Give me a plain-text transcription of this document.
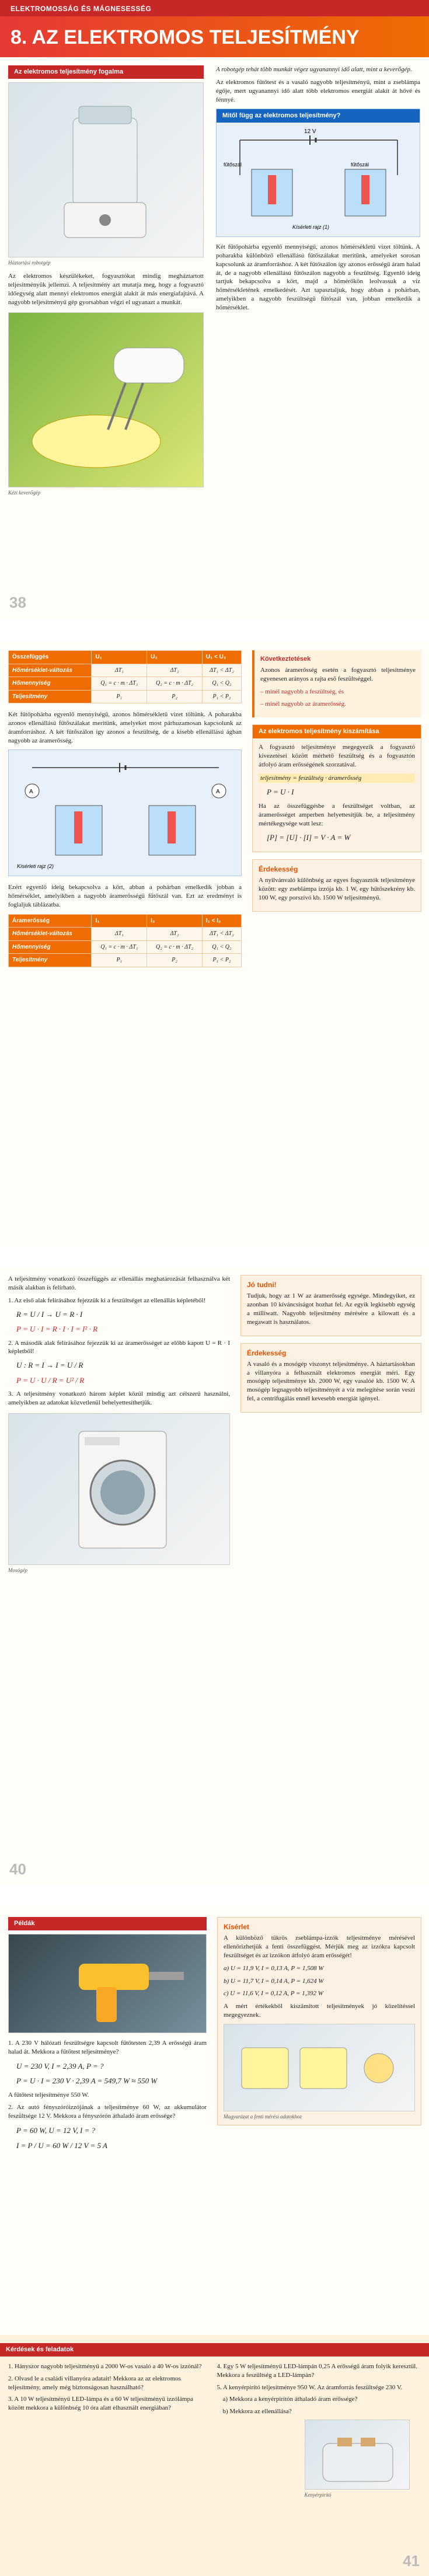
ELEKTROMOSSÁG ÉS MÁGNESESSÉG
8. AZ ELEKTROMOS TELJESÍTMÉNY
Az elektromos teljesítmény fogalma
Háztartási robotgép

Az elektromos készülékeket, fogyasztókat mindig megháztartott teljesítményük jellemzi. A teljesítmény azt mutatja meg, hogy a fogyasztó időegység alatt mennyi elektromos energiát alakít át más energiafajtává. A nagyobb teljesítményű gép gyorsabban végzi el ugyanazt a munkát.

Kézi keverőgép

A robotgép tehát több munkát végez ugyanannyi idő alatt, mint a keverőgép.

Az elektromos fűtőtest és a vasaló nagyobb teljesítményű, mint a zseblámpa égője, mert ugyanannyi idő alatt több elektromos energiát alakít át hővé és fénnyé.

Mitől függ az elektromos teljesítmény?
12 V
fűtőszál	fűtőszál
Kísérleti rajz (1)

Két fűtőpohárba egyenlő mennyiségű, azonos hőmérsékletű vizet töltünk. A poharakba különböző ellenállású fűtőszálakat merítünk, amelyeket sorosan kapcsolunk az áramforráshoz. A két fűtőszálon így azonos erősségű áram halad át, de a nagyobb ellenállású fűtőszálon nagyobb a feszültség. Egyenlő ideig tartjuk bekapcsolva a kört, majd a hőmérőkön leolvassuk a víz hőmérsékletének emelkedését. Azt tapasztaljuk, hogy abban a pohárban, amelyikben a nagyobb feszültségű fűtőszál van, jobban emelkedik a hőmérséklet.

38
Összefüggés	U₁	U₂	U₁ < U₂
Hőmérséklet-változás	ΔT₁	ΔT₂	ΔT₁ < ΔT₂
Hőmennyiség	Q₁ = c · m · ΔT₁	Q₂ = c · m · ΔT₂	Q₁ < Q₂
Teljesítmény	P₁	P₂	P₁ < P₂

Két fűtőpohárba egyenlő mennyiségű, azonos hőmérsékletű vizet töltünk. A poharakba azonos ellenállású fűtőszálakat merítünk, amelyeket most párhuzamosan kapcsolunk az áramforráshoz. A két fűtőszálon így azonos a feszültség, de a kisebb ellenállású ágban nagyobb az áramerősség.

A	A
Kísérleti rajz (2)

Ezért egyenlő ideig bekapcsolva a kört, abban a pohárban emelkedik jobban a hőmérséklet, amelyikben a nagyobb áramerősségű fűtőszál van. Ezt az eredményt is foglaljuk táblázatba.

Áramerősség	I₁	I₂	I₁ < I₂
Hőmérséklet-változás	ΔT₁	ΔT₂	ΔT₁ < ΔT₂
Hőmennyiség	Q₁ = c · m · ΔT₁	Q₂ = c · m · ΔT₂	Q₁ < Q₂
Teljesítmény	P₁	P₂	P₁ < P₂
Következtetések

Azonos áramerősség esetén a fogyasztó teljesítménye egyenesen arányos a rajta eső feszültséggel.

– minél nagyobb a feszültség, és

– minél nagyobb az áramerősség.

Az elektromos teljesítmény kiszámítása

A fogyasztó teljesítménye megegyezik a fogyasztó kivezetései között mérhető feszültség és a fogyasztón átfolyó áram erősségének szorzatával.

teljesítmény = feszültség · áramerősség

P = U · I

Ha az összefüggésbe a feszültséget voltban, az áramerősséget amperben helyettesítjük be, a teljesítmény mértékegysége watt lesz:

[P] = [U] · [I] = V · A = W
Érdekesség

A nyilvánvaló különbség az egyes fogyasztók teljesítménye között: egy zseblámpa izzója kb. 1 W, egy hűtőszekrény kb. 100 W, egy porszívó kb. 1500 W teljesítményű.

A teljesítmény vonatkozó összefüggés az ellenállás meghatározását felhasználva két másik alakban is felírható.

1. Az első alak felírásához fejezzük ki a feszültséget az ellenállás képletéből!

R = U / I → U = R · I
P = U · I = R · I · I = I² · R

2. A második alak felírásához fejezzük ki az áramerősséget az előbb kapott U = R · I képletből!

U : R = I → I = U / R
P = U · U / R = U² / R

3. A teljesítmény vonatkozó három képlet közül mindig azt célszerű használni, amelyikben az adatokat közvetlenül behelyettesíthetjük.

Mosógép
Jó tudni!

Tudjuk, hogy az 1 W az áramerősség egysége. Mindegyiket, ez azonban 10 kíváncsiságot hozhat fel. Az egyik legkisebb egység a milliwatt. Nagyobb teljesítmény mérésére a kilowatt és a megawatt is használatos.

Érdekesség

A vasaló és a mosógép viszonyt teljesítménye. A háztartásokban a villanyóra a felhasznált elektromos energiát méri. Egy mosógép teljesítménye kb. 2000 W, egy vasalóé kb. 1500 W. A mosógép legnagyobb teljesítményét a víz melegítése során veszi fel, a centrifugálás ennél kevesebb energiát igényel.

40
Példák

1. A 230 V hálózati feszültségre kapcsolt fűtőtesten 2,39 A erősségű áram halad át. Mekkora a fűtőtest teljesítménye?

U = 230 V, I = 2,39 A, P = ?
P = U · I = 230 V · 2,39 A = 549,7 W ≈ 550 W

A fűtőtest teljesítménye 550 W.

2. Az autó fényszóróizzójának a teljesítménye 60 W, az akkumulátor feszültsége 12 V. Mekkora a fényszórón áthaladó áram erőssége?

P = 60 W, U = 12 V, I = ?
I = P / U = 60 W / 12 V = 5 A
Kísérlet

A különböző tükrös zseblámpa-izzók teljesítménye mérésével ellenőrizhetjük a fenti összefüggést. Mérjük meg az izzókra kapcsolt feszültséget és az izzókon átfolyó áram erősségét!

a) U = 11,9 V, I = 0,13 A, P = 1,508 W

b) U = 11,7 V, I = 0,14 A, P = 1,624 W

c) U = 11,6 V, I = 0,12 A, P = 1,392 W

A mért értékekből kiszámított teljesítmények jó közelítéssel megegyeznek.

Magyarázat a fenti mérési adatokhoz
Kérdések és feladatok

1. Hányszor nagyobb teljesítményű a 2000 W-os vasaló a 40 W-os izzónál?

2. Olvasd le a családi villanyóra adatait! Mekkora az az elektromos teljesítmény, amely még biztonságosan használható?

3. A 10 W teljesítményű LED-lámpa és a 60 W teljesítményű izzólámpa között mekkora a különbség 10 óra alatt elhasznált energiában?

4. Egy 5 W teljesítményű LED-lámpán 0,25 A erősségű áram folyik keresztül. Mekkora a feszültség a LED-lámpán?

5. A kenyérpirító teljesítménye 950 W. Az áramforrás feszültsége 230 V.

a) Mekkora a kenyérpirítón áthaladó áram erőssége?

b) Mekkora az ellenállása?

Kenyérpirító
41
